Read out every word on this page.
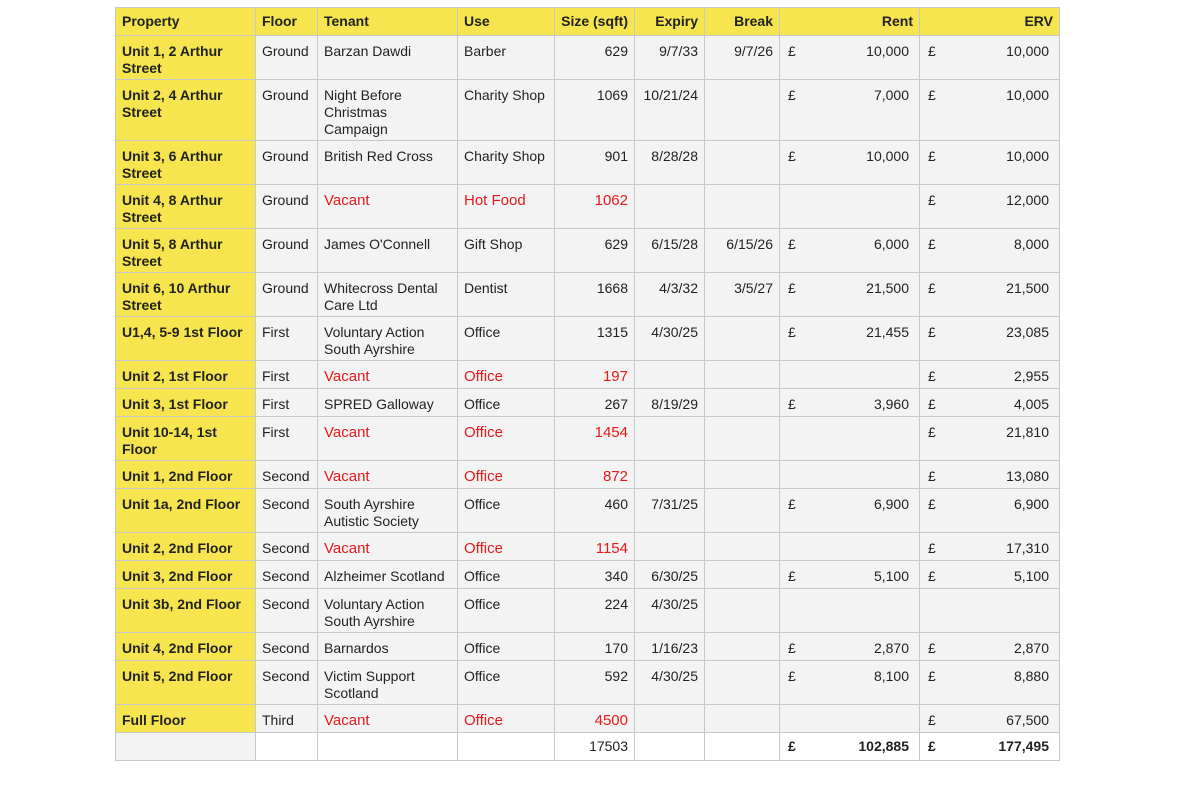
Property	Floor	Tenant	Use	Size (sqft)	Expiry	Break	Rent	ERV
Unit 1, 2 Arthur Street	Ground	Barzan Dawdi	Barber	629	9/7/33	9/7/26	£ 10,000	£ 10,000
Unit 2, 4 Arthur Street	Ground	Night Before Christmas Campaign	Charity Shop	1069	10/21/24		£ 7,000	£ 10,000
Unit 3, 6 Arthur Street	Ground	British Red Cross	Charity Shop	901	8/28/28		£ 10,000	£ 10,000
Unit 4, 8 Arthur Street	Ground	Vacant	Hot Food	1062				£ 12,000
Unit 5, 8 Arthur Street	Ground	James O'Connell	Gift Shop	629	6/15/28	6/15/26	£ 6,000	£ 8,000
Unit 6, 10 Arthur Street	Ground	Whitecross Dental Care Ltd	Dentist	1668	4/3/32	3/5/27	£ 21,500	£ 21,500
U1,4, 5-9 1st Floor	First	Voluntary Action South Ayrshire	Office	1315	4/30/25		£ 21,455	£ 23,085
Unit 2, 1st Floor	First	Vacant	Office	197				£ 2,955
Unit 3, 1st Floor	First	SPRED Galloway	Office	267	8/19/29		£ 3,960	£ 4,005
Unit 10-14, 1st Floor	First	Vacant	Office	1454				£ 21,810
Unit 1, 2nd Floor	Second	Vacant	Office	872				£ 13,080
Unit 1a, 2nd Floor	Second	South Ayrshire Autistic Society	Office	460	7/31/25		£ 6,900	£ 6,900
Unit 2, 2nd Floor	Second	Vacant	Office	1154				£ 17,310
Unit 3, 2nd Floor	Second	Alzheimer Scotland	Office	340	6/30/25		£ 5,100	£ 5,100
Unit 3b, 2nd Floor	Second	Voluntary Action South Ayrshire	Office	224	4/30/25			
Unit 4, 2nd Floor	Second	Barnardos	Office	170	1/16/23		£ 2,870	£ 2,870
Unit 5, 2nd Floor	Second	Victim Support Scotland	Office	592	4/30/25		£ 8,100	£ 8,880
Full Floor	Third	Vacant	Office	4500				£ 67,500
				17503			£ 102,885	£ 177,495
